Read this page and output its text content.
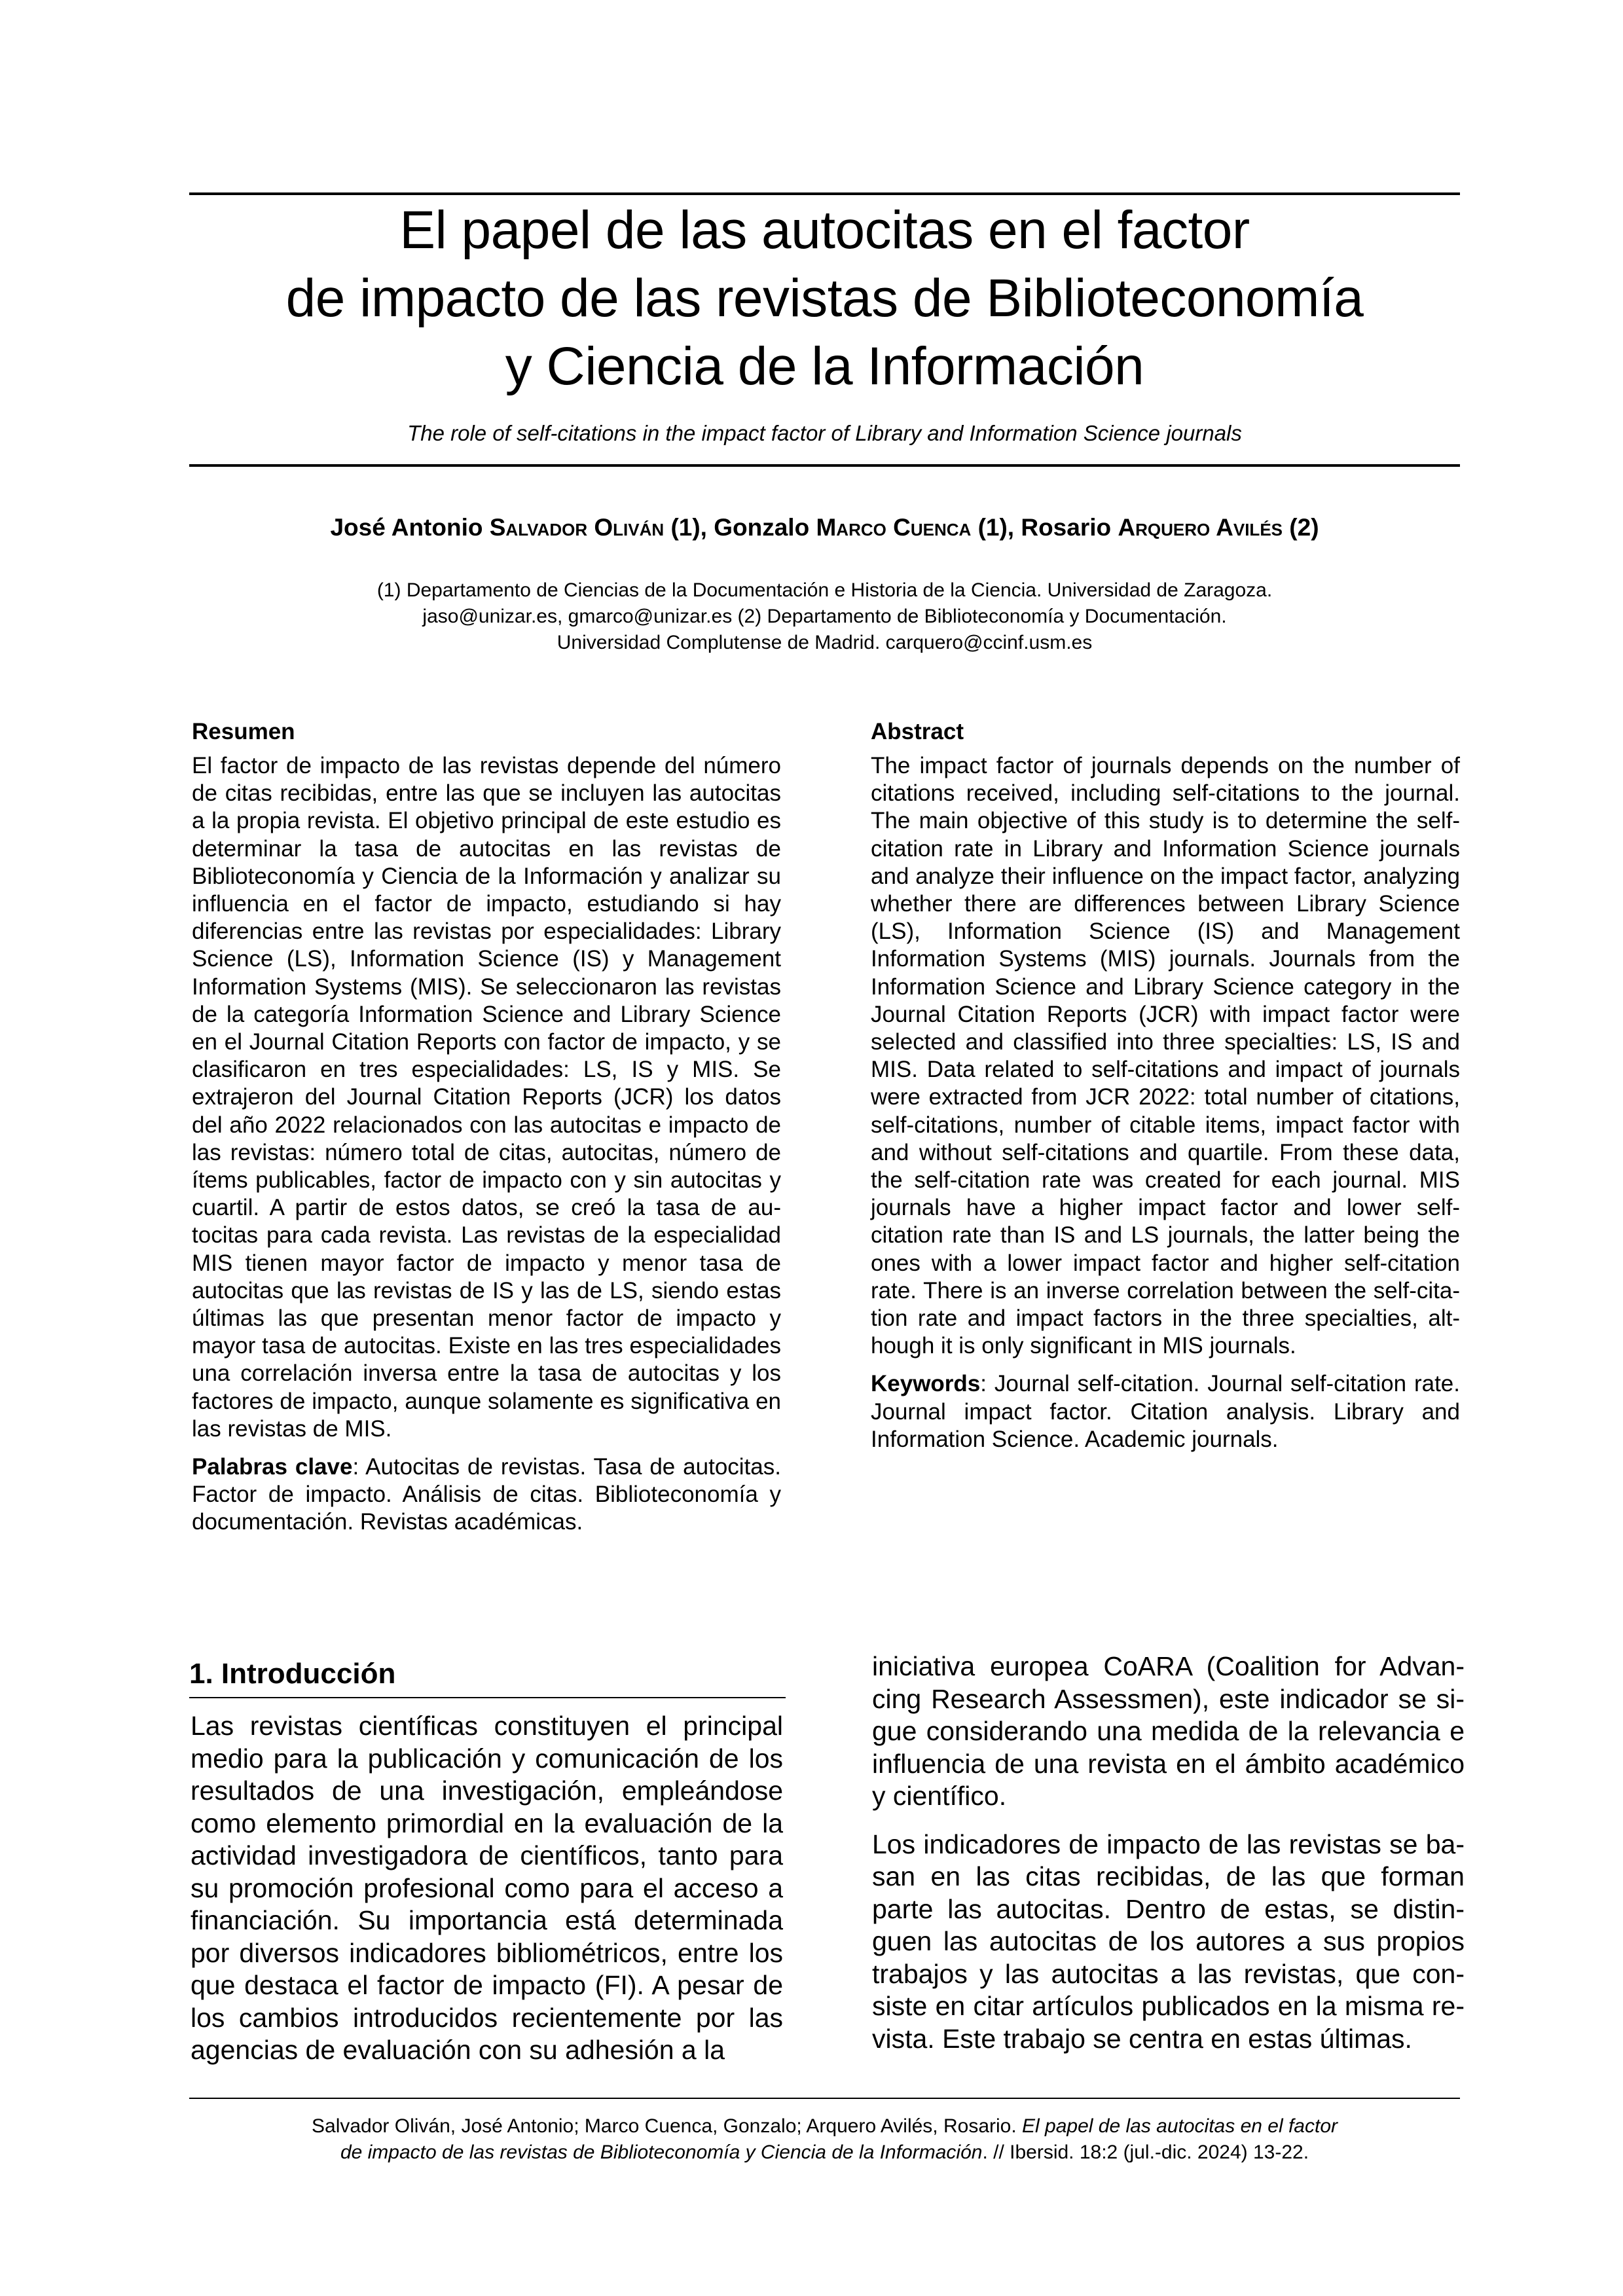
El papel de las autocitas en el factor
de impacto de las revistas de Biblioteconomía
y Ciencia de la Información
The role of self-citations in the impact factor of Library and Information Science journals
José Antonio Salvador Oliván (1), Gonzalo Marco Cuenca (1), Rosario Arquero Avilés (2)
(1) Departamento de Ciencias de la Documentación e Historia de la Ciencia. Universidad de Zaragoza.
jaso@unizar.es, gmarco@unizar.es (2) Departamento de Biblioteconomía y Documentación.
Universidad Complutense de Madrid. carquero@ccinf.usm.es
Resumen

El factor de impacto de las revistas depende del número de citas recibidas, entre las que se incluyen las autocitas a la propia revista. El objetivo principal de este estudio es determinar la tasa de autocitas en las revistas de Biblioteconomía y Ciencia de la Información y analizar su influencia en el factor de impacto, estudiando si hay diferencias entre las revistas por especialidades: Library Science (LS), Information Science (IS) y Management Information Systems (MIS). Se seleccionaron las revistas de la categoría Information Science and Library Science en el Journal Citation Reports con factor de impacto, y se clasificaron en tres especialidades: LS, IS y MIS. Se extrajeron del Journal Citation Reports (JCR) los datos del año 2022 relacionados con las autocitas e impacto de las revistas: número total de citas, autocitas, número de ítems publicables, factor de impacto con y sin autocitas y cuartil. A partir de estos datos, se creó la tasa de autocitas para cada revista. Las revistas de la especialidad MIS tienen mayor factor de impacto y menor tasa de autocitas que las revistas de IS y las de LS, siendo estas últimas las que presentan menor factor de impacto y mayor tasa de autocitas. Existe en las tres especialidades una correlación inversa entre la tasa de autocitas y los factores de impacto, aunque solamente es significativa en las revistas de MIS.

Palabras clave: Autocitas de revistas. Tasa de autocitas. Factor de impacto. Análisis de citas. Biblioteconomía y documentación. Revistas académicas.

Abstract

The impact factor of journals depends on the number of citations received, including self-citations to the journal. The main objective of this study is to determine the self-citation rate in Library and Information Science journals and analyze their influence on the impact factor, analyzing whether there are differences between Library Science (LS), Information Science (IS) and Management Information Systems (MIS) journals. Journals from the Information Science and Library Science category in the Journal Citation Reports (JCR) with impact factor were selected and classified into three specialties: LS, IS and MIS. Data related to self-citations and impact of journals were extracted from JCR 2022: total number of citations, self-citations, number of citable items, impact factor with and without self-citations and quartile. From these data, the self-citation rate was created for each journal. MIS journals have a higher impact factor and lower self-citation rate than IS and LS journals, the latter being the ones with a lower impact factor and higher self-citation rate. There is an inverse correlation between the self-citation rate and impact factors in the three specialties, although it is only significant in MIS journals.

Keywords: Journal self-citation. Journal self-citation rate. Journal impact factor. Citation analysis. Library and Information Science. Academic journals.

1. Introducción

Las revistas científicas constituyen el principal medio para la publicación y comunicación de los resultados de una investigación, empleándose como elemento primordial en la evaluación de la actividad investigadora de científicos, tanto para su promoción profesional como para el acceso a financiación. Su importancia está determinada por diversos indicadores bibliométricos, entre los que destaca el factor de impacto (FI). A pesar de los cambios introducidos recientemente por las agencias de evaluación con su adhesión a la

iniciativa europea CoARA (Coalition for Advancing Research Assessmen), este indicador se sigue considerando una medida de la relevancia e influencia de una revista en el ámbito académico y científico.

Los indicadores de impacto de las revistas se basan en las citas recibidas, de las que forman parte las autocitas. Dentro de estas, se distinguen las autocitas de los autores a sus propios trabajos y las autocitas a las revistas, que consiste en citar artículos publicados en la misma revista. Este trabajo se centra en estas últimas.

Salvador Oliván, José Antonio; Marco Cuenca, Gonzalo; Arquero Avilés, Rosario. El papel de las autocitas en el factor
de impacto de las revistas de Biblioteconomía y Ciencia de la Información. // Ibersid. 18:2 (jul.-dic. 2024) 13-22.
